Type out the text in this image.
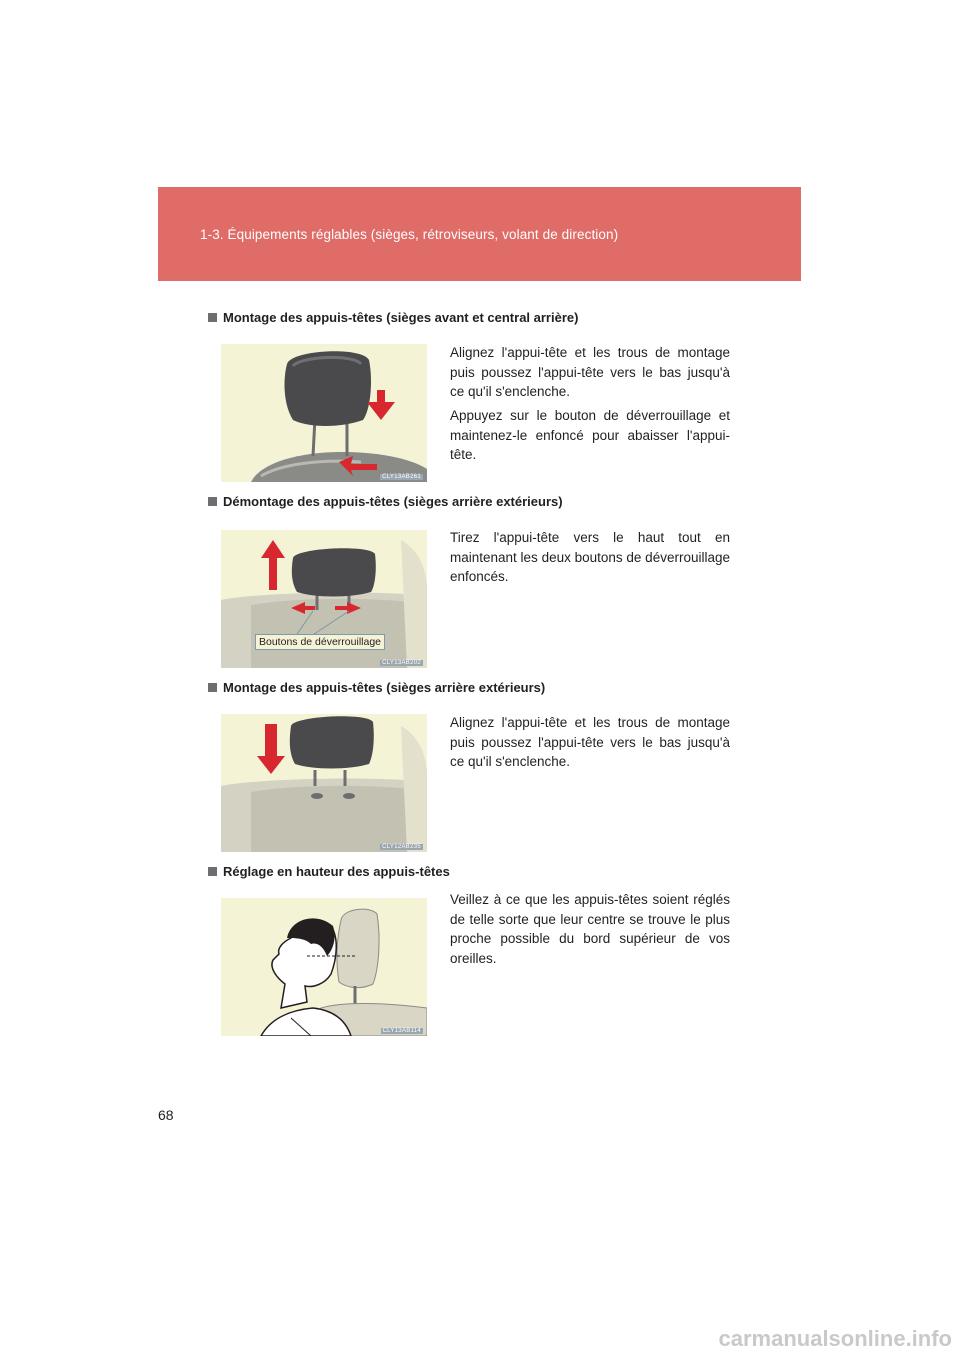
1-3. Équipements réglables (sièges, rétroviseurs, volant de direction)
Montage des appuis-têtes (sièges avant et central arrière)
CLY13AB261

Alignez l'appui-tête et les trous de montage puis poussez l'appui-tête vers le bas jusqu'à ce qu'il s'enclenche.

Appuyez sur le bouton de déverrouillage et maintenez-le enfoncé pour abaisser l'appui-tête.

Démontage des appuis-têtes (sièges arrière extérieurs)
Boutons de déverrouillage
CLY13AB202

Tirez l'appui-tête vers le haut tout en maintenant les deux boutons de déverrouillage enfoncés.

Montage des appuis-têtes (sièges arrière extérieurs)
CLY12AB235

Alignez l'appui-tête et les trous de montage puis poussez l'appui-tête vers le bas jusqu'à ce qu'il s'enclenche.

Réglage en hauteur des appuis-têtes
CLY13AB114

Veillez à ce que les appuis-têtes soient réglés de telle sorte que leur centre se trouve le plus proche possible du bord supérieur de vos oreilles.

68
carmanualsonline.info
